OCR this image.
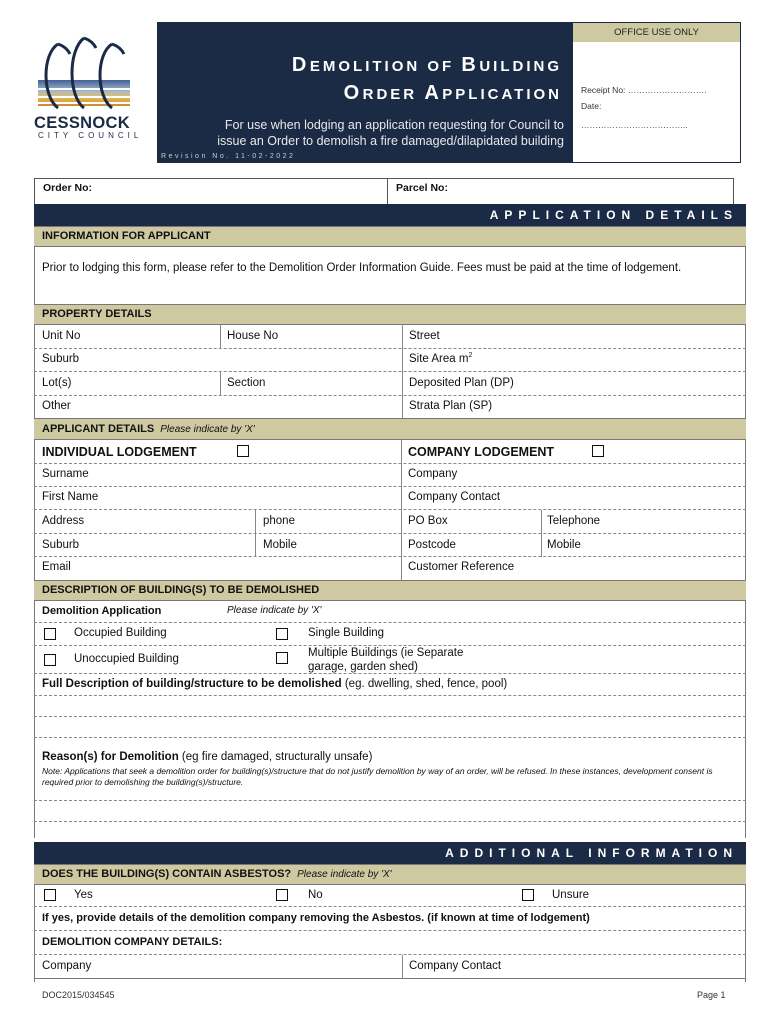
CESSNOCK
CITY COUNCIL
DEMOLITION OF BUILDING
ORDER APPLICATION
For use when lodging an application requesting for Council to
issue an Order to demolish a fire damaged/dilapidated building
Revision No. 11-02-2022
OFFICE USE ONLY
Receipt No: ……………………….
Date:
………………………………..
Order No:	Parcel No:
APPLICATION DETAILS
INFORMATION FOR APPLICANT
Prior to lodging this form, please refer to the Demolition Order Information Guide. Fees must be paid at the time of lodgement.
PROPERTY DETAILS
Unit No	House No	Street
Suburb	Site Area $m^2$
Lot(s)	Section	Deposited Plan (DP)
Other	Strata Plan (SP)
APPLICANT DETAILS Please indicate by 'X'
INDIVIDUAL LODGEMENT	COMPANY LODGEMENT
Surname	Company
First Name	Company Contact
Address	phone	PO Box	Telephone
Suburb	Mobile	Postcode	Mobile
Email	Customer Reference
DESCRIPTION OF BUILDING(S) TO BE DEMOLISHED
Demolition Application	Please indicate by 'X'
Occupied Building	Single Building
Unoccupied Building	Multiple Buildings (ie Separate
garage, garden shed)
Full Description of building/structure to be demolished (eg. dwelling, shed, fence, pool)
Reason(s) for Demolition (eg fire damaged, structurally unsafe)
Note: Applications that seek a demolition order for building(s)/structure that do not justify demolition by way of an order, will be refused. In these instances, development consent is required prior to demolishing the building(s)/structure.
ADDITIONAL INFORMATION
DOES THE BUILDING(S) CONTAIN ASBESTOS? Please indicate by 'X'
Yes	No	Unsure
If yes, provide details of the demolition company removing the Asbestos. (if known at time of lodgement)
DEMOLITION COMPANY DETAILS:
Company	Company Contact
DOC2015/034545	Page 1
